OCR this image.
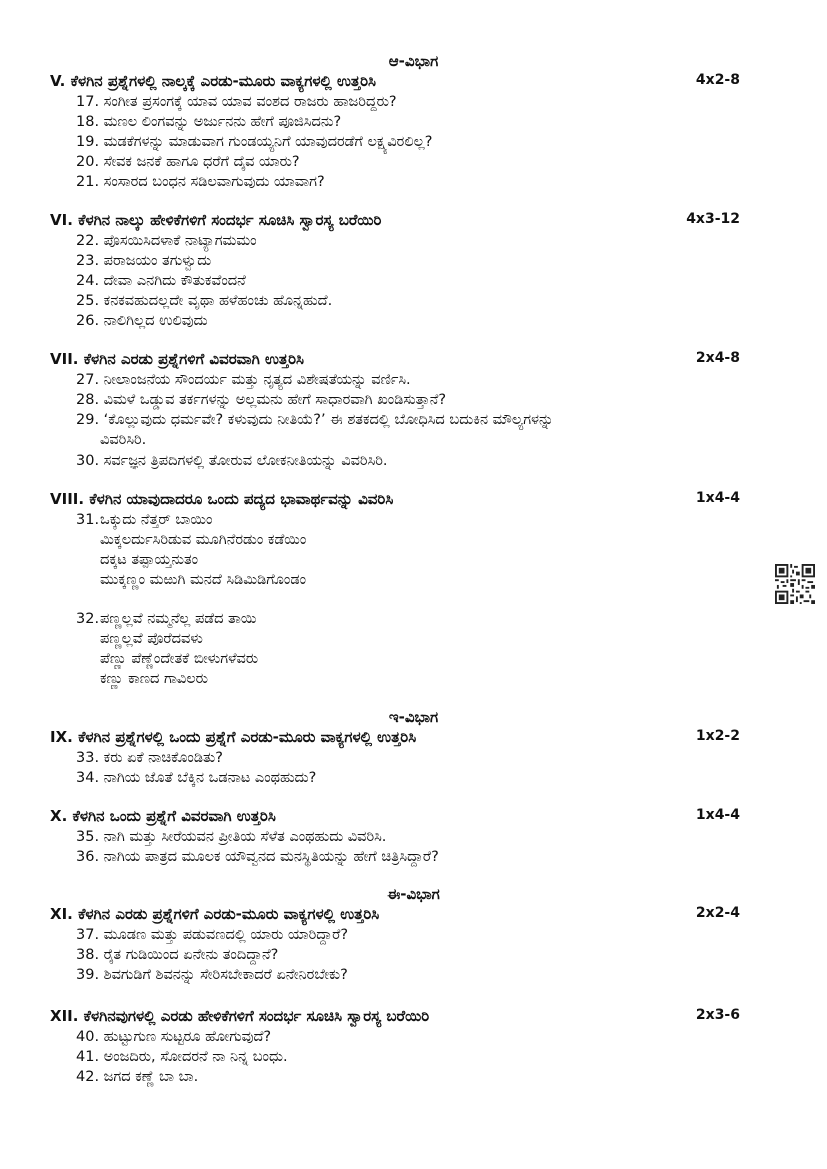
ಆ-ವಿಭಾಗ
V. ಕೆಳಗಿನ ಪ್ರಶ್ನೆಗಳಲ್ಲಿ ನಾಲ್ಕಕ್ಕೆ ಎರಡು-ಮೂರು ವಾಕ್ಯಗಳಲ್ಲಿ ಉತ್ತರಿಸಿ	4x2-8
17. ಸಂಗೀತ ಪ್ರಸಂಗಕ್ಕೆ ಯಾವ ಯಾವ ವಂಶದ ರಾಜರು ಹಾಜರಿದ್ದರು?
18. ಮಣಲ ಲಿಂಗವನ್ನು ಅರ್ಜುನನು ಹೇಗೆ ಪೂಜಿಸಿದನು?
19. ಮಡಕೆಗಳನ್ನು ಮಾಡುವಾಗ ಗುಂಡಯ್ಯನಿಗೆ ಯಾವುದರಡೆಗೆ ಲಕ್ಷ್ಯವಿರಲಿಲ್ಲ?
20. ಸೇವಕ ಜನಕೆ ಹಾಗೂ ಧರೆಗೆ ದೈವ ಯಾರು?
21. ಸಂಸಾರದ ಬಂಧನ ಸಡಿಲವಾಗುವುದು ಯಾವಾಗ?
VI. ಕೆಳಗಿನ ನಾಲ್ಕು ಹೇಳಿಕೆಗಳಿಗೆ ಸಂದರ್ಭ ಸೂಚಿಸಿ ಸ್ವಾರಸ್ಯ ಬರೆಯಿರಿ	4x3-12
22. ಪೊಸಯಿಸಿದಳಾಕೆ ನಾಟ್ಯಾಗಮಮಂ
23. ಪರಾಜಯಂ ತಗುಳ್ವುದು
24. ದೇವಾ ಎನಗಿದು ಕೌತುಕವೆಂದನೆ
25. ಕನಕವಹುದಲ್ಲದೇ ವೃಥಾ ಹಳೆಹಂಚು ಹೊನ್ನಹುದೆ.
26. ನಾಲಿಗಿಲ್ಲದ ಉಲಿವುದು
VII. ಕೆಳಗಿನ ಎರಡು ಪ್ರಶ್ನೆಗಳಿಗೆ ವಿವರವಾಗಿ ಉತ್ತರಿಸಿ	2x4-8
27. ನೀಲಾಂಜನೆಯ ಸೌಂದರ್ಯ ಮತ್ತು ನೃತ್ಯದ ವಿಶೇಷತೆಯನ್ನು ವರ್ಣಿಸಿ.
28. ವಿಮಳೆ ಒಡ್ಡುವ ತರ್ಕಗಳನ್ನು ಅಲ್ಲಮನು ಹೇಗೆ ಸಾಧಾರವಾಗಿ ಖಂಡಿಸುತ್ತಾನೆ?
29. ‘ಕೊಲ್ಲುವುದು ಧರ್ಮವೇ? ಕಳುವುದು ನೀತಿಯೆ?’ ಈ ಶತಕದಲ್ಲಿ ಬೋಧಿಸಿದ ಬದುಕಿನ ಮೌಲ್ಯಗಳನ್ನು
ವಿವರಿಸಿರಿ.
30. ಸರ್ವಜ್ಞನ ತ್ರಿಪದಿಗಳಲ್ಲಿ ತೋರುವ ಲೋಕನೀತಿಯನ್ನು ವಿವರಿಸಿರಿ.
VIII. ಕೆಳಗಿನ ಯಾವುದಾದರೂ ಒಂದು ಪದ್ಯದ ಭಾವಾರ್ಥವನ್ನು ವಿವರಿಸಿ	1x4-4
31. ಒಕ್ಕುದು ನೆತ್ತರ್ ಬಾಯಿಂ
ಮಿಕ್ಕಲರ್ದುಸಿರಿಡುವ ಮೂಗಿನೆರಡುಂ ಕಡೆಯಿಂ
ದಕ್ಕಟ ತಪ್ಪಾಯ್ತನುತಂ
ಮುಕ್ಕಣ್ಣಂ ಮಱುಗಿ ಮನದೆ ಸಿಡಿಮಿಡಿಗೊಂಡಂ
32. ಪಣ್ಣಲ್ಲವೆ ನಮ್ಮನೆಲ್ಲ ಪಡೆದ ತಾಯಿ
ಪಣ್ಣಲ್ಲವೆ ಪೊರೆದವಳು
ಪೆಣ್ಣು ಪೆಣ್ಣೆಂದೇತಕೆ ಬೀಳುಗಳೆವರು
ಕಣ್ಣು ಕಾಣದ ಗಾವಿಲರು
ಇ-ವಿಭಾಗ
IX. ಕೆಳಗಿನ ಪ್ರಶ್ನೆಗಳಲ್ಲಿ ಒಂದು ಪ್ರಶ್ನೆಗೆ ಎರಡು-ಮೂರು ವಾಕ್ಯಗಳಲ್ಲಿ ಉತ್ತರಿಸಿ	1x2-2
33. ಕರು ಏಕೆ ನಾಚಿಕೊಂಡಿತು?
34. ನಾಗಿಯ ಜೊತೆ ಬೆಕ್ಕಿನ ಒಡನಾಟ ಎಂಥಹುದು?
X. ಕೆಳಗಿನ ಒಂದು ಪ್ರಶ್ನೆಗೆ ವಿವರವಾಗಿ ಉತ್ತರಿಸಿ	1x4-4
35. ನಾಗಿ ಮತ್ತು ಸೀರೆಯವನ ಪ್ರೀತಿಯ ಸೆಳೆತ ಎಂಥಹುದು ವಿವರಿಸಿ.
36. ನಾಗಿಯ ಪಾತ್ರದ ಮೂಲಕ ಯೌವ್ವನದ ಮನಸ್ಥಿತಿಯನ್ನು ಹೇಗೆ ಚಿತ್ರಿಸಿದ್ದಾರೆ?
ಈ-ವಿಭಾಗ
XI. ಕೆಳಗಿನ ಎರಡು ಪ್ರಶ್ನೆಗಳಿಗೆ ಎರಡು-ಮೂರು ವಾಕ್ಯಗಳಲ್ಲಿ ಉತ್ತರಿಸಿ	2x2-4
37. ಮೂಡಣ ಮತ್ತು ಪಡುವಣದಲ್ಲಿ ಯಾರು ಯಾರಿದ್ದಾರೆ?
38. ರೈತ ಗುಡಿಯಿಂದ ಏನೇನು ತಂದಿದ್ದಾನೆ?
39. ಶಿವಗುಡಿಗೆ ಶಿವನನ್ನು ಸೇರಿಸಬೇಕಾದರೆ ಏನೇನಿರಬೇಕು?
XII. ಕೆಳಗಿನವುಗಳಲ್ಲಿ ಎರಡು ಹೇಳಿಕೆಗಳಿಗೆ ಸಂದರ್ಭ ಸೂಚಿಸಿ ಸ್ವಾರಸ್ಯ ಬರೆಯಿರಿ	2x3-6
40. ಹುಟ್ಟುಗುಣ ಸುಟ್ಟರೂ ಹೋಗುವುದೆ?
41. ಅಂಜದಿರು, ಸೋದರನೆ ನಾ ನಿನ್ನ ಬಂಧು.
42. ಜಗದ ಕಣ್ಣೆ ಬಾ ಬಾ.
